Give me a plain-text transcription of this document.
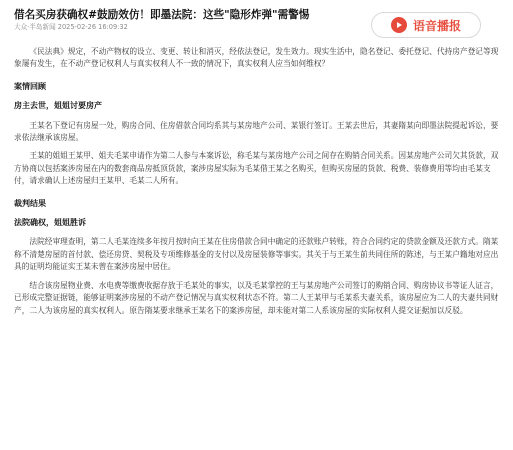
借名买房获确权#鼓励效仿！即墨法院：这些"隐形炸弹"需警惕
大众·半岛新闻 2025-02-26 16:09:32	语音播报

《民法典》规定，不动产物权的设立、变更、转让和消灭，经依法登记，发生效力。现实生活中，隐名登记、委托登记、代持房产登记等现象屡有发生，在不动产登记权利人与真实权利人不一致的情况下，真实权利人应当如何维权？

案情回顾
房主去世，姐姐讨要房产

王某名下登记有房屋一处，购房合同、住房借款合同均系其与某房地产公司、某银行签订。王某去世后，其妻隋某向即墨法院提起诉讼，要求依法继承该房屋。

王某的姐姐王某甲、姐夫毛某申请作为第二人参与本案诉讼，称毛某与某房地产公司之间存在购销合同关系。因某房地产公司欠其货款，双方协商以包括案涉房屋在内的数套商品房抵顶货款，案涉房屋实际为毛某借王某之名购买，但购买房屋的货款、税费、装修费用等均由毛某支付，请求确认上述房屋归王某甲、毛某二人所有。

裁判结果
法院确权，姐姐胜诉

法院经审理查明，第二人毛某连续多年按月按时向王某在住房借款合同中确定的还款账户转账，符合合同约定的贷款金额及还款方式。隋某称不清楚房屋的首付款、偿还房贷、契税及专项维修基金的支付以及房屋装修等事实。其关于与王某生前共同住所的陈述，与王某户籍地对应出具的证明均能证实王某未曾在案涉房屋中居住。

结合该房屋物业费、水电费等缴费收据存放于毛某处的事实，以及毛某掌控的王与某房地产公司签订的购销合同、购房协议书等证人证言，已形成完整证据链，能够证明案涉房屋的不动产登记情况与真实权利状态不符。第二人王某甲与毛某系夫妻关系，该房屋应为二人的夫妻共同财产，二人为该房屋的真实权利人。原告隋某要求继承王某名下的案涉房屋，却未能对第二人系该房屋的实际权利人提交证据加以反驳。
